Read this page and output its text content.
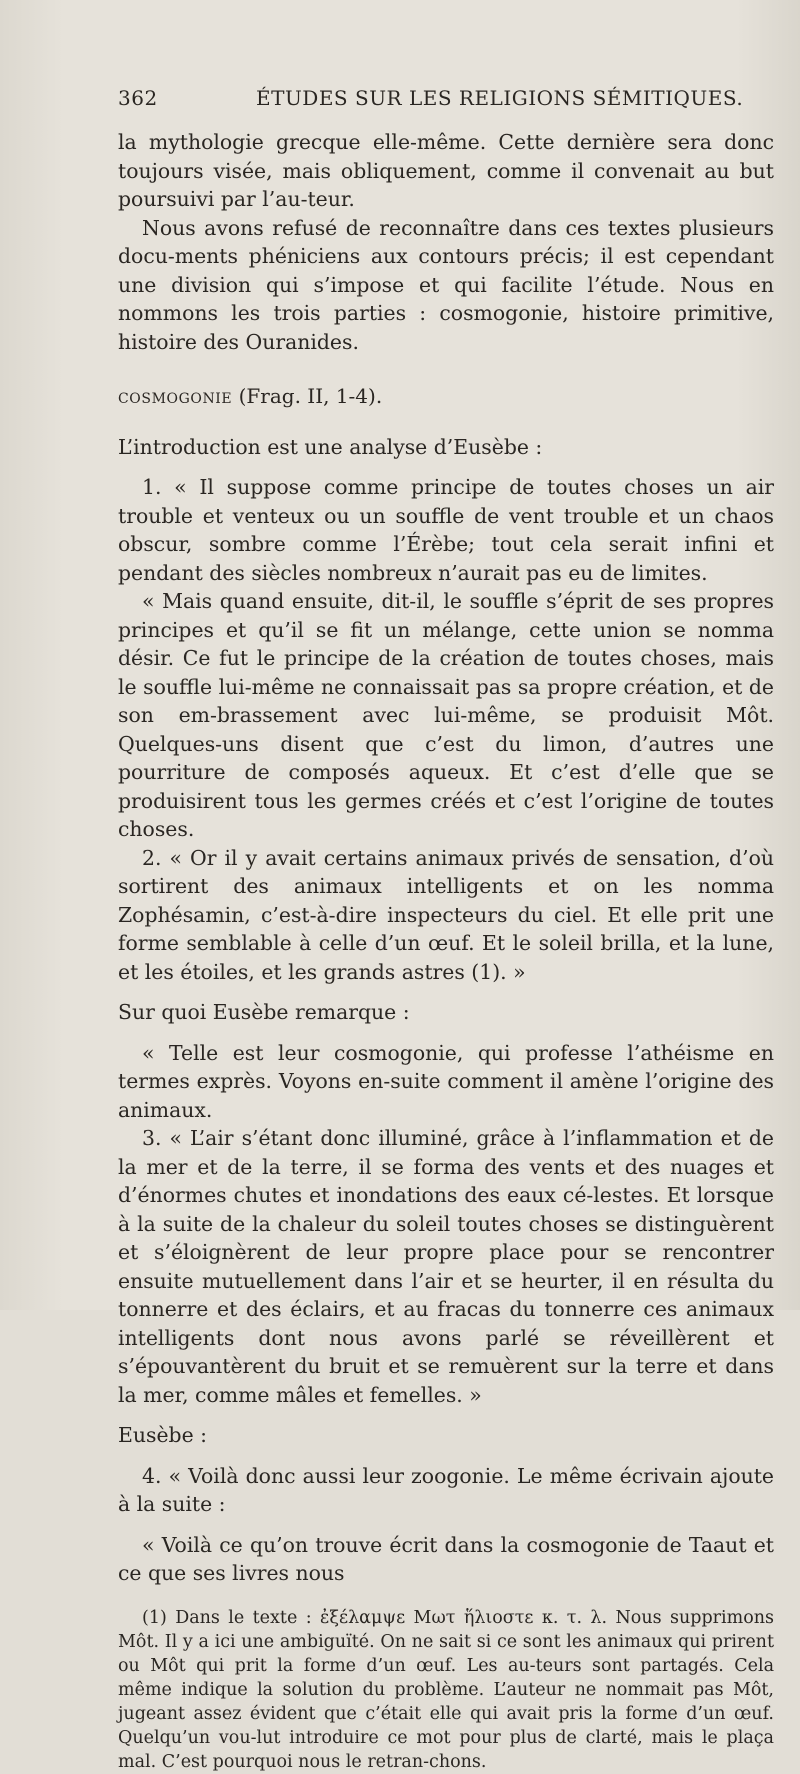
362	ÉTUDES SUR LES RELIGIONS SÉMITIQUES.

la mythologie grecque elle-même. Cette dernière sera donc toujours visée, mais obliquement, comme il convenait au but poursuivi par l’au-teur.

Nous avons refusé de reconnaître dans ces textes plusieurs docu-ments phéniciens aux contours précis; il est cependant une division qui s’impose et qui facilite l’étude. Nous en nommons les trois parties : cosmogonie, histoire primitive, histoire des Ouranides.

cosmogonie (Frag. II, 1-4).

L’introduction est une analyse d’Eusèbe :

1. « Il suppose comme principe de toutes choses un air trouble et venteux ou un souffle de vent trouble et un chaos obscur, sombre comme l’Érèbe; tout cela serait infini et pendant des siècles nombreux n’aurait pas eu de limites.

« Mais quand ensuite, dit-il, le souffle s’éprit de ses propres principes et qu’il se fit un mélange, cette union se nomma désir. Ce fut le principe de la création de toutes choses, mais le souffle lui-même ne connaissait pas sa propre création, et de son em-brassement avec lui-même, se produisit Môt. Quelques-uns disent que c’est du limon, d’autres une pourriture de composés aqueux. Et c’est d’elle que se produisirent tous les germes créés et c’est l’origine de toutes choses.

2. « Or il y avait certains animaux privés de sensation, d’où sortirent des animaux intelligents et on les nomma Zophésamin, c’est-à-dire inspecteurs du ciel. Et elle prit une forme semblable à celle d’un œuf. Et le soleil brilla, et la lune, et les étoiles, et les grands astres (1). »

Sur quoi Eusèbe remarque :

« Telle est leur cosmogonie, qui professe l’athéisme en termes exprès. Voyons en-suite comment il amène l’origine des animaux.

3. « L’air s’étant donc illuminé, grâce à l’inflammation et de la mer et de la terre, il se forma des vents et des nuages et d’énormes chutes et inondations des eaux cé-lestes. Et lorsque à la suite de la chaleur du soleil toutes choses se distinguèrent et s’éloignèrent de leur propre place pour se rencontrer ensuite mutuellement dans l’air et se heurter, il en résulta du tonnerre et des éclairs, et au fracas du tonnerre ces animaux intelligents dont nous avons parlé se réveillèrent et s’épouvantèrent du bruit et se remuèrent sur la terre et dans la mer, comme mâles et femelles. »

Eusèbe :

4. « Voilà donc aussi leur zoogonie. Le même écrivain ajoute à la suite :

« Voilà ce qu’on trouve écrit dans la cosmogonie de Taaut et ce que ses livres nous

(1) Dans le texte : ἐξέλαμψε Μωτ ἥλιοστε κ. τ. λ. Nous supprimons Môt. Il y a ici une ambiguïté. On ne sait si ce sont les animaux qui prirent ou Môt qui prit la forme d’un œuf. Les au-teurs sont partagés. Cela même indique la solution du problème. L’auteur ne nommait pas Môt, jugeant assez évident que c’était elle qui avait pris la forme d’un œuf. Quelqu’un vou-lut introduire ce mot pour plus de clarté, mais le plaça mal. C’est pourquoi nous le retran-chons.
